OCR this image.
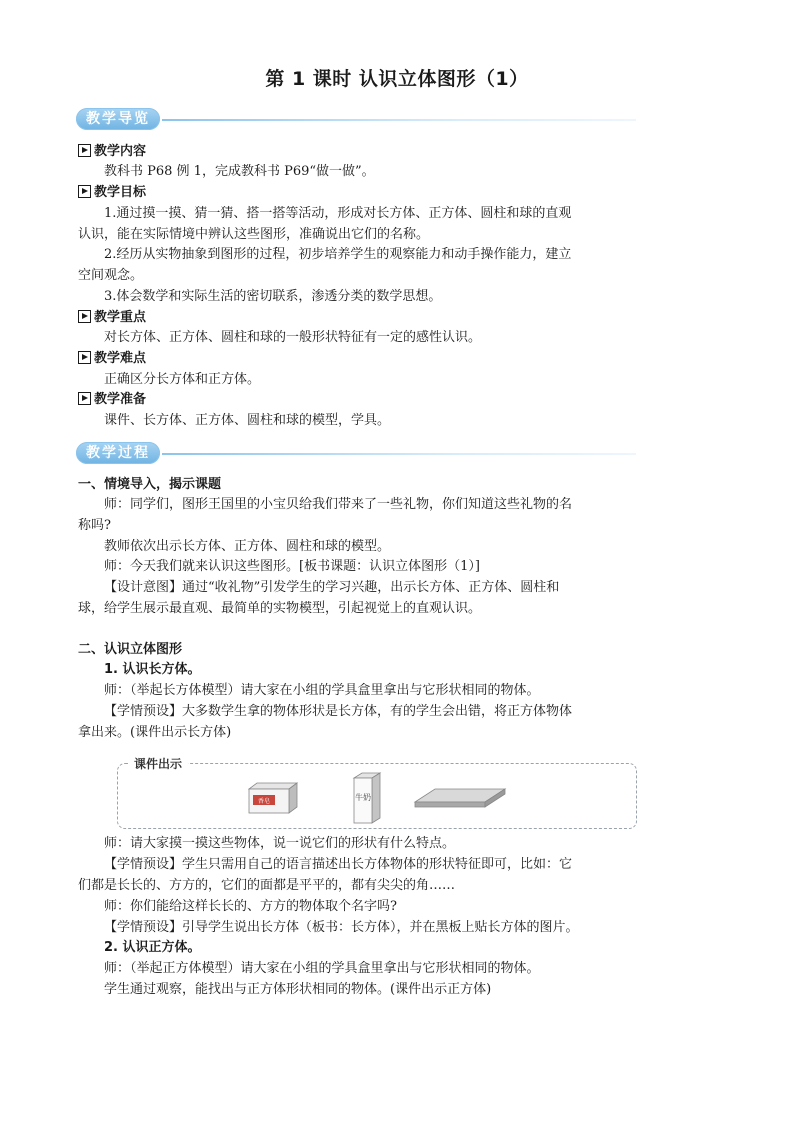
第 1 课时 认识立体图形（1）
教学导览
教学内容
教科书 P68 例 1，完成教科书 P69“做一做”。
教学目标
1.通过摸一摸、猜一猜、搭一搭等活动，形成对长方体、正方体、圆柱和球的直观
认识，能在实际情境中辨认这些图形，准确说出它们的名称。
2.经历从实物抽象到图形的过程，初步培养学生的观察能力和动手操作能力，建立
空间观念。
3.体会数学和实际生活的密切联系，渗透分类的数学思想。
教学重点
对长方体、正方体、圆柱和球的一般形状特征有一定的感性认识。
教学难点
正确区分长方体和正方体。
教学准备
课件、长方体、正方体、圆柱和球的模型，学具。
教学过程
一、情境导入，揭示课题
师：同学们，图形王国里的小宝贝给我们带来了一些礼物，你们知道这些礼物的名
称吗?
教师依次出示长方体、正方体、圆柱和球的模型。
师：今天我们就来认识这些图形。[板书课题：认识立体图形（1）]
【设计意图】通过“收礼物”引发学生的学习兴趣，出示长方体、正方体、圆柱和
球，给学生展示最直观、最简单的实物模型，引起视觉上的直观认识。
二、认识立体图形
1. 认识长方体。
师：（举起长方体模型）请大家在小组的学具盒里拿出与它形状相同的物体。
【学情预设】大多数学生拿的物体形状是长方体，有的学生会出错，将正方体物体
拿出来。(课件出示长方体)
课件出示
香皂	牛奶
师：请大家摸一摸这些物体，说一说它们的形状有什么特点。
【学情预设】学生只需用自己的语言描述出长方体物体的形状特征即可，比如：它
们都是长长的、方方的，它们的面都是平平的，都有尖尖的角……
师：你们能给这样长长的、方方的物体取个名字吗?
【学情预设】引导学生说出长方体（板书：长方体），并在黑板上贴长方体的图片。
2. 认识正方体。
师：（举起正方体模型）请大家在小组的学具盒里拿出与它形状相同的物体。
学生通过观察，能找出与正方体形状相同的物体。(课件出示正方体)
